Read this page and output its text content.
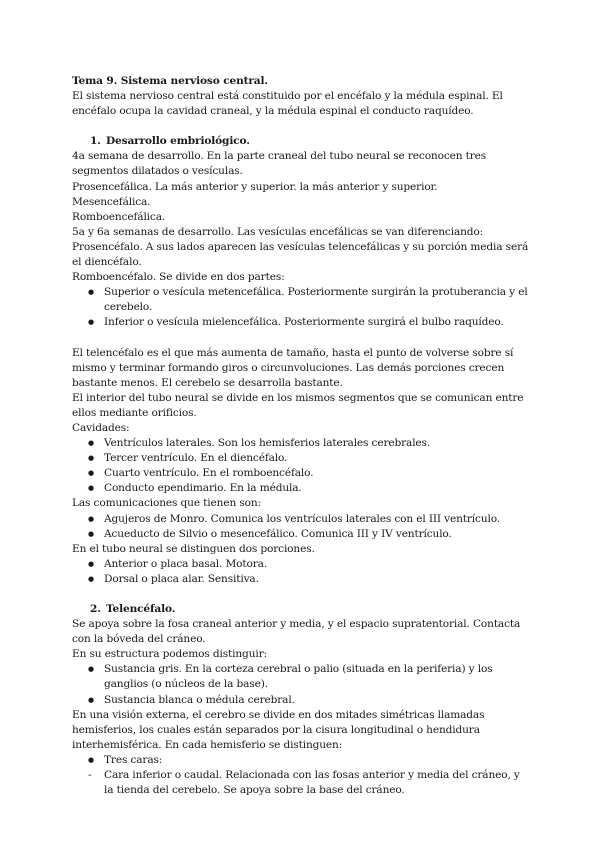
Tema 9. Sistema nervioso central.

El sistema nervioso central está constituido por el encéfalo y la médula espinal. El encéfalo ocupa la cavidad craneal, y la médula espinal el conducto raquídeo.

1. Desarrollo embriológico.

4a semana de desarrollo. En la parte craneal del tubo neural se reconocen tres segmentos dilatados o vesículas.

Prosencefálica. La más anterior y superior. la más anterior y superior.

Mesencefálica.

Romboencefálica.

5a y 6a semanas de desarrollo. Las vesículas encefálicas se van diferenciando:

Prosencéfalo. A sus lados aparecen las vesículas telencefálicas y su porción media será el diencéfalo.

Romboencéfalo. Se divide en dos partes:

●
Superior o vesícula metencefálica. Posteriormente surgirán la protuberancia y el cerebelo.
●
Inferior o vesícula mielencefálica. Posteriormente surgirá el bulbo raquídeo.

El telencéfalo es el que más aumenta de tamaño, hasta el punto de volverse sobre sí mismo y terminar formando giros o circunvoluciones. Las demás porciones crecen bastante menos. El cerebelo se desarrolla bastante.

El interior del tubo neural se divide en los mismos segmentos que se comunican entre ellos mediante orificios.

Cavidades:

●
Ventrículos laterales. Son los hemisferios laterales cerebrales.
●
Tercer ventrículo. En el diencéfalo.
●
Cuarto ventrículo. En el romboencéfalo.
●
Conducto ependimario. En la médula.

Las comunicaciones que tienen son:

●
Agujeros de Monro. Comunica los ventrículos laterales con el III ventrículo.
●
Acueducto de Silvio o mesencefálico. Comunica III y IV ventrículo.

En el tubo neural se distinguen dos porciones.

●
Anterior o placa basal. Motora.
●
Dorsal o placa alar. Sensitiva.

2. Telencéfalo.

Se apoya sobre la fosa craneal anterior y media, y el espacio supratentorial. Contacta con la bóveda del cráneo.

En su estructura podemos distinguir:

●
Sustancia gris. En la corteza cerebral o palio (situada en la periferia) y los ganglios (o núcleos de la base).
●
Sustancia blanca o médula cerebral.

En una visión externa, el cerebro se divide en dos mitades simétricas llamadas hemisferios, los cuales están separados por la cisura longitudinal o hendidura interhemisférica. En cada hemisferio se distinguen:

●
Tres caras:
-
Cara inferior o caudal. Relacionada con las fosas anterior y media del cráneo, y la tienda del cerebelo. Se apoya sobre la base del cráneo.
